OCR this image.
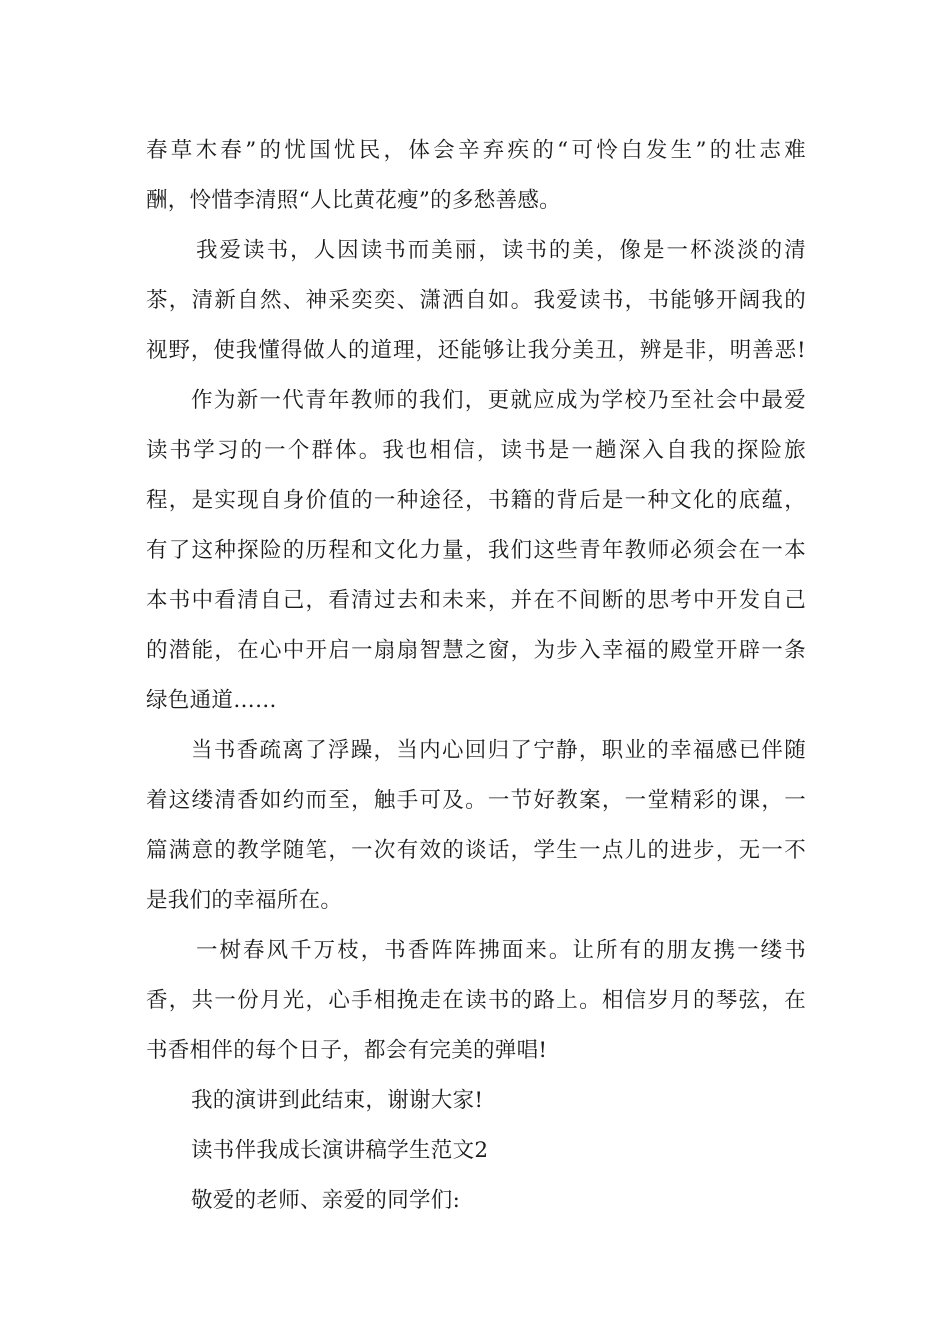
春草木春”的忧国忧民，体会辛弃疾的“可怜白发生”的壮志难
酬，怜惜李清照“人比黄花瘦”的多愁善感。
我爱读书，人因读书而美丽，读书的美，像是一杯淡淡的清
茶，清新自然、神采奕奕、潇洒自如。我爱读书，书能够开阔我的
视野，使我懂得做人的道理，还能够让我分美丑，辨是非，明善恶!
作为新一代青年教师的我们，更就应成为学校乃至社会中最爱
读书学习的一个群体。我也相信，读书是一趟深入自我的探险旅
程，是实现自身价值的一种途径，书籍的背后是一种文化的底蕴，
有了这种探险的历程和文化力量，我们这些青年教师必须会在一本
本书中看清自己，看清过去和未来，并在不间断的思考中开发自己
的潜能，在心中开启一扇扇智慧之窗，为步入幸福的殿堂开辟一条
绿色通道……
当书香疏离了浮躁，当内心回归了宁静，职业的幸福感已伴随
着这缕清香如约而至，触手可及。一节好教案，一堂精彩的课，一
篇满意的教学随笔，一次有效的谈话，学生一点儿的进步，无一不
是我们的幸福所在。
一树春风千万枝，书香阵阵拂面来。让所有的朋友携一缕书
香，共一份月光，心手相挽走在读书的路上。相信岁月的琴弦，在
书香相伴的每个日子，都会有完美的弹唱!
我的演讲到此结束，谢谢大家!
读书伴我成长演讲稿学生范文2
敬爱的老师、亲爱的同学们:
